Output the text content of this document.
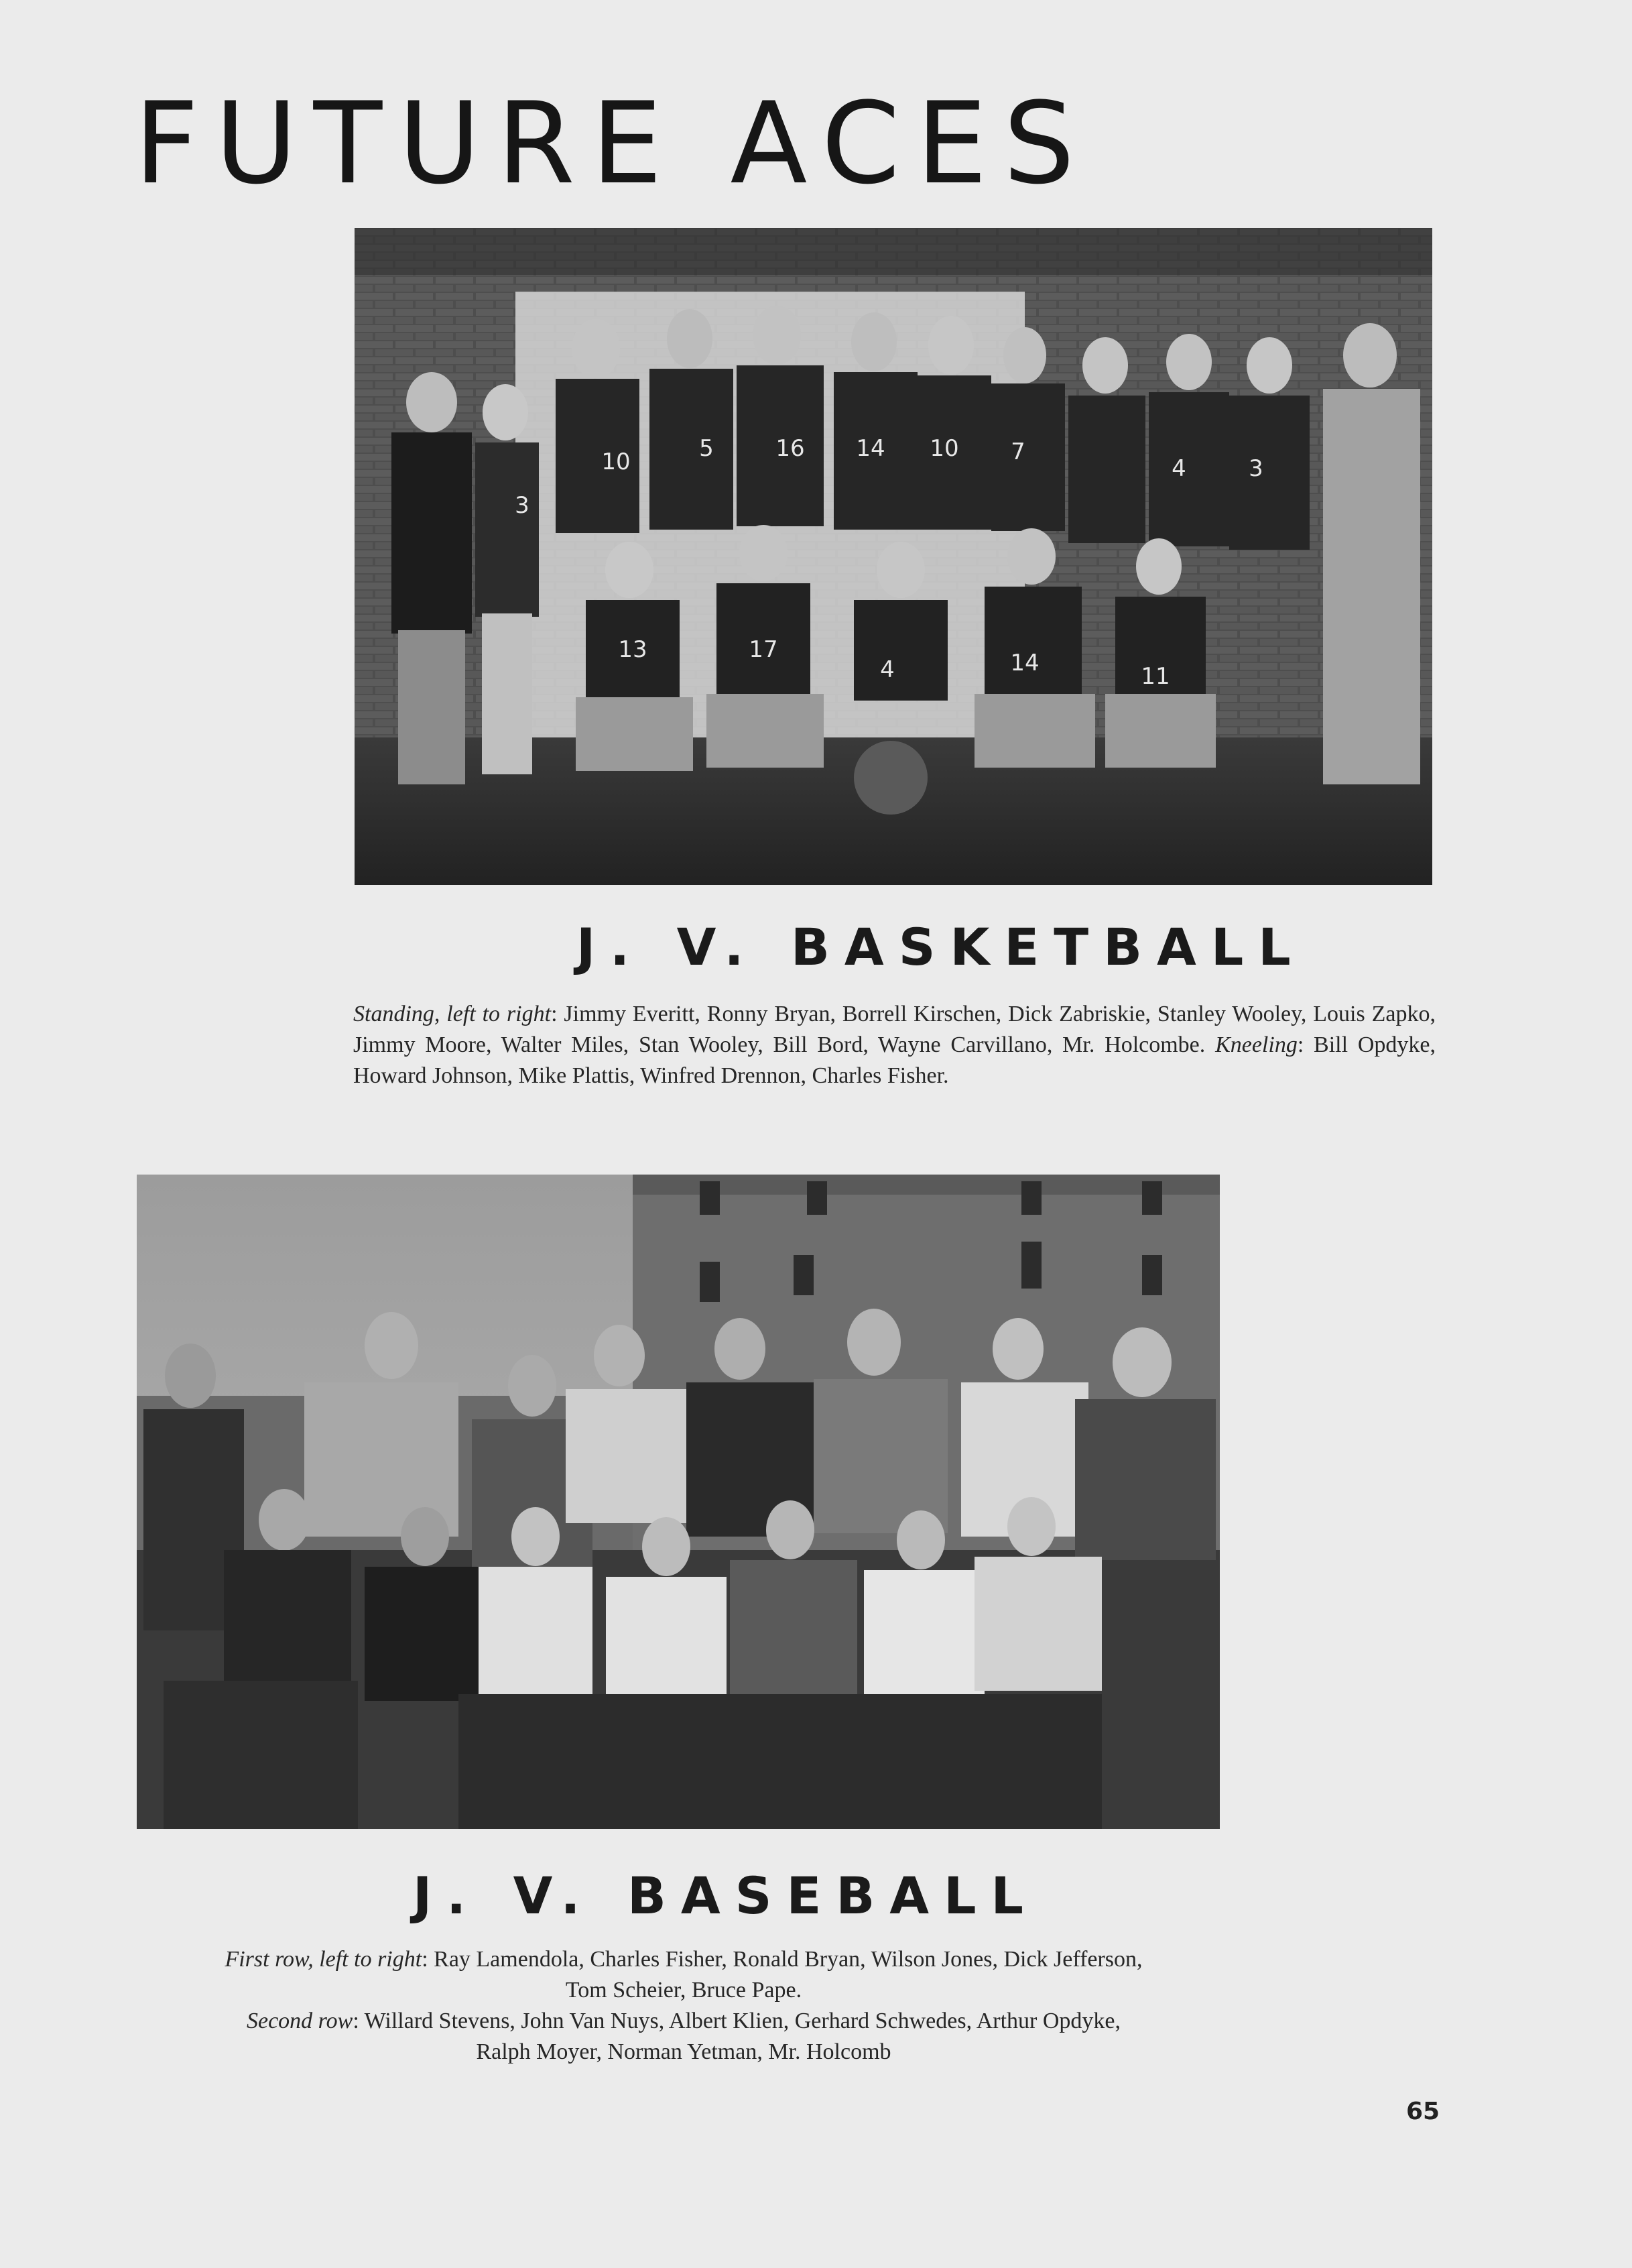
FUTURE ACES
3
10	5	16 14 10 7
4	3
13	17
4	14	11
J. V. BASKETBALL

Standing, left to right: Jimmy Everitt, Ronny Bryan, Borrell Kirschen, Dick Zabriskie, Stanley Wooley, Louis Zapko, Jimmy Moore, Walter Miles, Stan Wooley, Bill Bord, Wayne Carvillano, Mr. Holcombe. Kneeling: Bill Opdyke, Howard Johnson, Mike Plattis, Winfred Drennon, Charles Fisher.

J. V. BASEBALL

First row, left to right: Ray Lamendola, Charles Fisher, Ronald Bryan, Wilson Jones, Dick Jefferson,
Tom Scheier, Bruce Pape.
Second row: Willard Stevens, John Van Nuys, Albert Klien, Gerhard Schwedes, Arthur Opdyke,
Ralph Moyer, Norman Yetman, Mr. Holcomb

65
